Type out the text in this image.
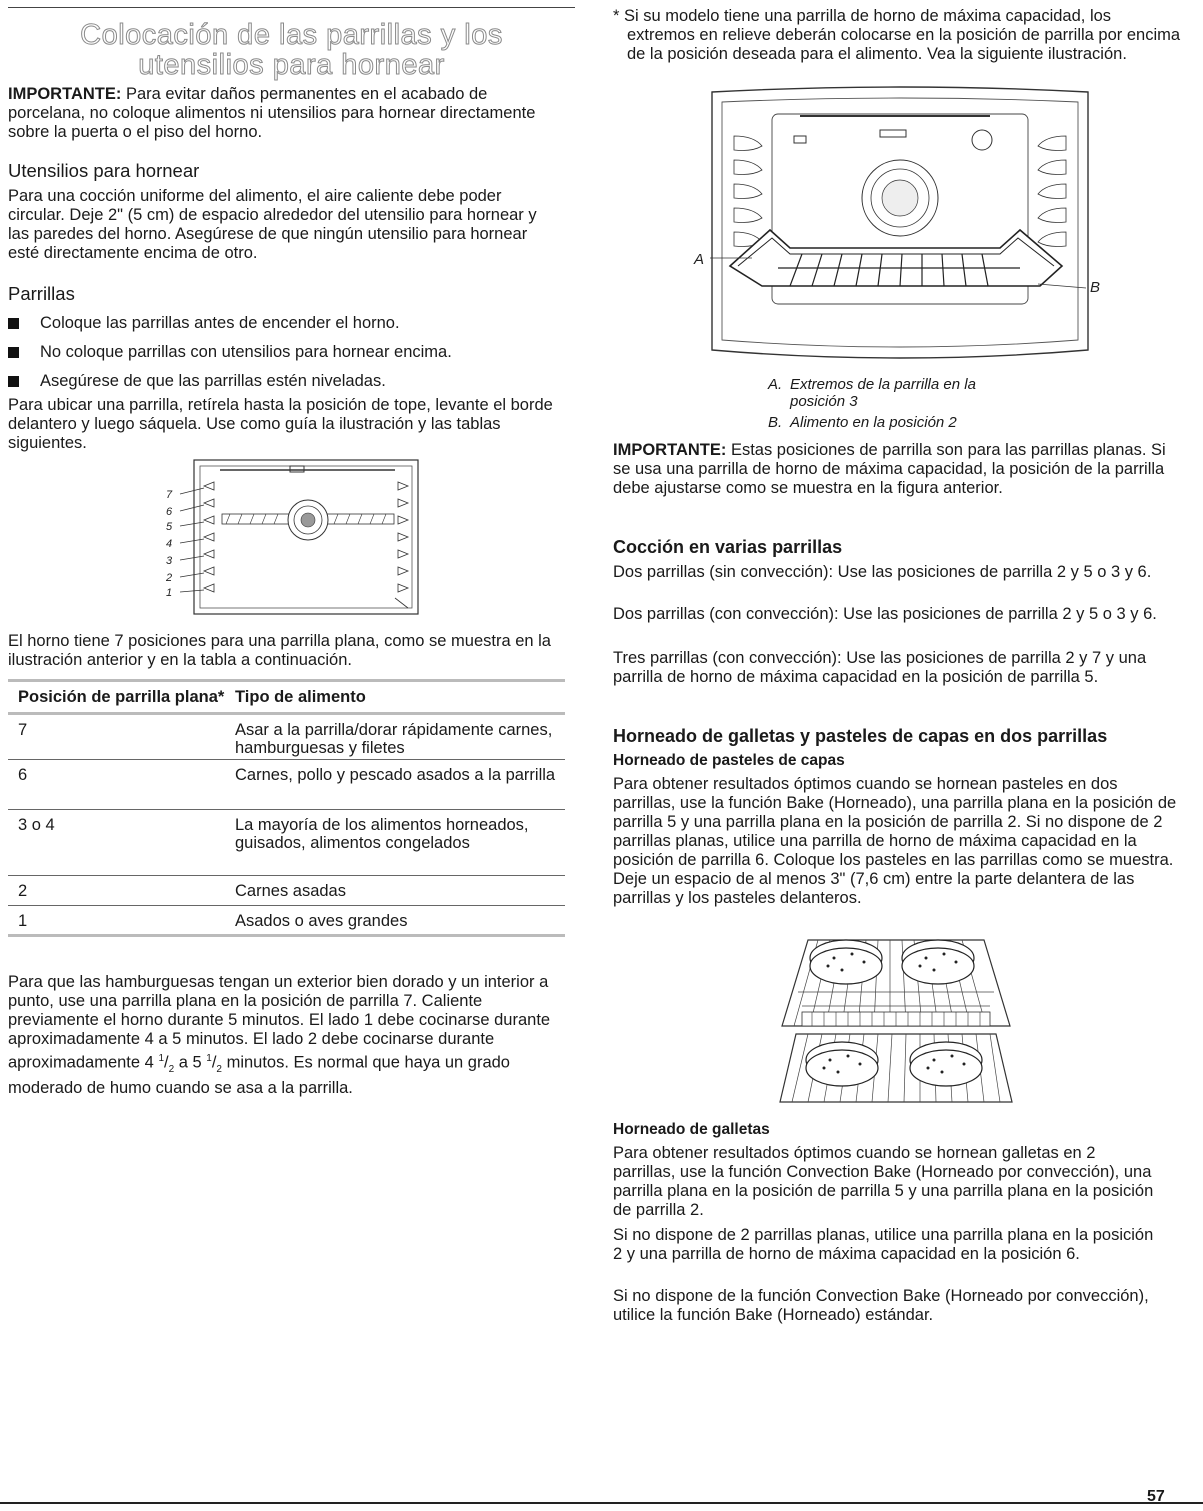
Colocación de las parrillas y los
utensilios para hornear

IMPORTANTE: Para evitar daños permanentes en el acabado de porcelana, no coloque alimentos ni utensilios para hornear directamente sobre la puerta o el piso del horno.

Utensilios para hornear

Para una cocción uniforme del alimento, el aire caliente debe poder circular. Deje 2" (5 cm) de espacio alrededor del utensilio para hornear y las paredes del horno. Asegúrese de que ningún utensilio para hornear esté directamente encima de otro.

Parrillas
Coloque las parrillas antes de encender el horno.
No coloque parrillas con utensilios para hornear encima.
Asegúrese de que las parrillas estén niveladas.

Para ubicar una parrilla, retírela hasta la posición de tope, levante el borde delantero y luego sáquela. Use como guía la ilustración y las tablas siguientes.

7
6
5
4
3
2
1

El horno tiene 7 posiciones para una parrilla plana, como se muestra en la ilustración anterior y en la tabla a continuación.

Posición de parrilla plana*	Tipo de alimento
7	Asar a la parrilla/dorar rápidamente carnes, hamburguesas y filetes
6	Carnes, pollo y pescado asados a la parrilla
3 o 4	La mayoría de los alimentos horneados, guisados, alimentos congelados
2	Carnes asadas
1	Asados o aves grandes

Para que las hamburguesas tengan un exterior bien dorado y un interior a punto, use una parrilla plana en la posición de parrilla 7. Caliente previamente el horno durante 5 minutos. El lado 1 debe cocinarse durante aproximadamente 4 a 5 minutos. El lado 2 debe cocinarse durante aproximadamente 4 $^1/_2$ a 5 $^1/_2$ minutos. Es normal que haya un grado moderado de humo cuando se asa a la parrilla.

* Si su modelo tiene una parrilla de horno de máxima capacidad, los extremos en relieve deberán colocarse en la posición de parrilla por encima de la posición deseada para el alimento. Vea la siguiente ilustración.

A
B
A. Extremos de la parrilla en la posición 3
B. Alimento en la posición 2

IMPORTANTE: Estas posiciones de parrilla son para las parrillas planas. Si se usa una parrilla de horno de máxima capacidad, la posición de la parrilla debe ajustarse como se muestra en la figura anterior.

Cocción en varias parrillas

Dos parrillas (sin convección): Use las posiciones de parrilla 2 y 5 o 3 y 6.

Dos parrillas (con convección): Use las posiciones de parrilla 2 y 5 o 3 y 6.

Tres parrillas (con convección): Use las posiciones de parrilla 2 y 7 y una parrilla de horno de máxima capacidad en la posición de parrilla 5.

Horneado de galletas y pasteles de capas en dos parrillas
Horneado de pasteles de capas

Para obtener resultados óptimos cuando se hornean pasteles en dos parrillas, use la función Bake (Horneado), una parrilla plana en la posición de parrilla 5 y una parrilla plana en la posición de parrilla 2. Si no dispone de 2 parrillas planas, utilice una parrilla de horno de máxima capacidad en la posición de parrilla 6. Coloque los pasteles en las parrillas como se muestra. Deje un espacio de al menos 3" (7,6 cm) entre la parte delantera de las parrillas y los pasteles delanteros.

Horneado de galletas

Para obtener resultados óptimos cuando se hornean galletas en 2 parrillas, use la función Convection Bake (Horneado por convección), una parrilla plana en la posición de parrilla 5 y una parrilla plana en la posición de parrilla 2.

Si no dispone de 2 parrillas planas, utilice una parrilla plana en la posición 2 y una parrilla de horno de máxima capacidad en la posición 6.

Si no dispone de la función Convection Bake (Horneado por convección), utilice la función Bake (Horneado) estándar.

57
